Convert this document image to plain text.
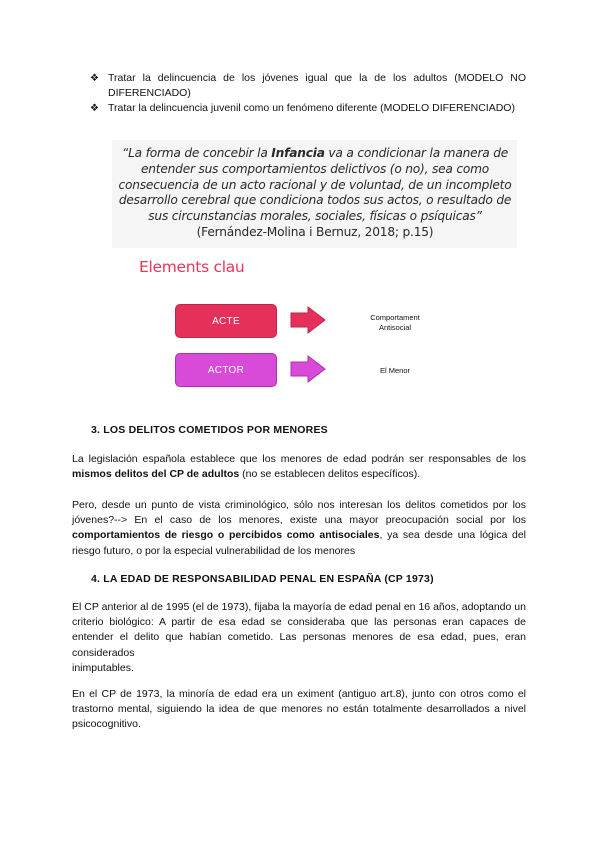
❖ Tratar la delincuencia de los jóvenes igual que la de los adultos (MODELO NO DIFERENCIADO)
❖ Tratar la delincuencia juvenil como un fenómeno diferente (MODELO DIFERENCIADO)
“La forma de concebir la Infancia va a condicionar la manera de entender sus comportamientos delictivos (o no), sea como consecuencia de un acto racional y de voluntad, de un incompleto desarrollo cerebral que condiciona todos sus actos, o resultado de sus circunstancias morales, sociales, físicas o psíquicas” (Fernández-Molina i Bernuz, 2018; p.15)
Elements clau
ACTE
ACTOR
Comportament
Antisocial
El Menor
3. LOS DELITOS COMETIDOS POR MENORES
La legislación española establece que los menores de edad podrán ser responsables de los mismos delitos del CP de adultos (no se establecen delitos específicos).
Pero, desde un punto de vista criminológico, sólo nos interesan los delitos cometidos por los jóvenes?--> En el caso de los menores, existe una mayor preocupación social por los comportamientos de riesgo o percibidos como antisociales, ya sea desde una lógica del riesgo futuro, o por la especial vulnerabilidad de los menores
4. LA EDAD DE RESPONSABILIDAD PENAL EN ESPAÑA (CP 1973)
El CP anterior al de 1995 (el de 1973), fijaba la mayoría de edad penal en 16 años, adoptando un criterio biológico: A partir de esa edad se consideraba que las personas eran capaces de entender el delito que habían cometido. Las personas menores de esa edad, pues, eran considerados
inimputables.
En el CP de 1973, la minoría de edad era un eximent (antiguo art.8), junto con otros como el trastorno mental, siguiendo la idea de que menores no están totalmente desarrollados a nivel psicocognitivo.
